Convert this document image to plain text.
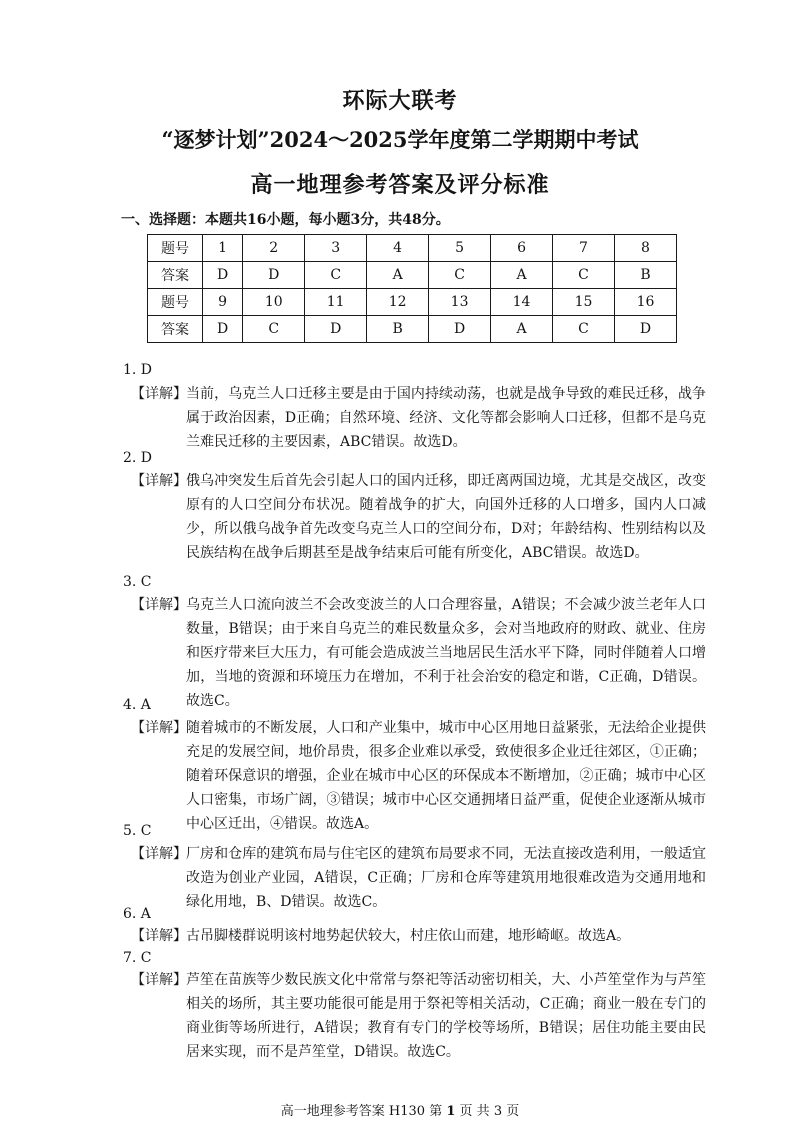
环际大联考
“逐梦计划”2024～2025学年度第二学期期中考试
高一地理参考答案及评分标准
一、选择题：本题共16小题，每小题3分，共48分。
题号	1	2	3	4	5	6	7	8
答案	D	D	C	A	C	A	C	B
题号	9	10	11	12	13	14	15	16
答案	D	C	D	B	D	A	C	D
1. D
【详解】 当前，乌克兰人口迁移主要是由于国内持续动荡，也就是战争导致的难民迁移，战争属于政治因素，D正确；自然环境、经济、文化等都会影响人口迁移，但都不是乌克兰难民迁移的主要因素，ABC错误。故选D。
2. D
【详解】 俄乌冲突发生后首先会引起人口的国内迁移，即迁离两国边境，尤其是交战区，改变原有的人口空间分布状况。随着战争的扩大，向国外迁移的人口增多，国内人口减少，所以俄乌战争首先改变乌克兰人口的空间分布，D对；年龄结构、性别结构以及民族结构在战争后期甚至是战争结束后可能有所变化，ABC错误。故选D。
3. C
【详解】 乌克兰人口流向波兰不会改变波兰的人口合理容量，A错误；不会减少波兰老年人口数量，B错误；由于来自乌克兰的难民数量众多，会对当地政府的财政、就业、住房和医疗带来巨大压力，有可能会造成波兰当地居民生活水平下降，同时伴随着人口增加，当地的资源和环境压力在增加，不利于社会治安的稳定和谐，C正确，D错误。故选C。
4. A
【详解】 随着城市的不断发展，人口和产业集中，城市中心区用地日益紧张，无法给企业提供充足的发展空间，地价昂贵，很多企业难以承受，致使很多企业迁往郊区，①正确；随着环保意识的增强，企业在城市中心区的环保成本不断增加，②正确；城市中心区人口密集，市场广阔，③错误；城市中心区交通拥堵日益严重，促使企业逐渐从城市中心区迁出，④错误。故选A。
5. C
【详解】 厂房和仓库的建筑布局与住宅区的建筑布局要求不同，无法直接改造利用，一般适宜改造为创业产业园，A错误，C正确；厂房和仓库等建筑用地很难改造为交通用地和绿化用地，B、D错误。故选C。
6. A
【详解】 古吊脚楼群说明该村地势起伏较大，村庄依山而建，地形崎岖。故选A。
7. C
【详解】 芦笙在苗族等少数民族文化中常常与祭祀等活动密切相关，大、小芦笙堂作为与芦笙相关的场所，其主要功能很可能是用于祭祀等相关活动，C正确；商业一般在专门的商业街等场所进行，A错误；教育有专门的学校等场所，B错误；居住功能主要由民居来实现，而不是芦笙堂，D错误。故选C。
高一地理参考答案 H130 第 1 页 共 3 页
